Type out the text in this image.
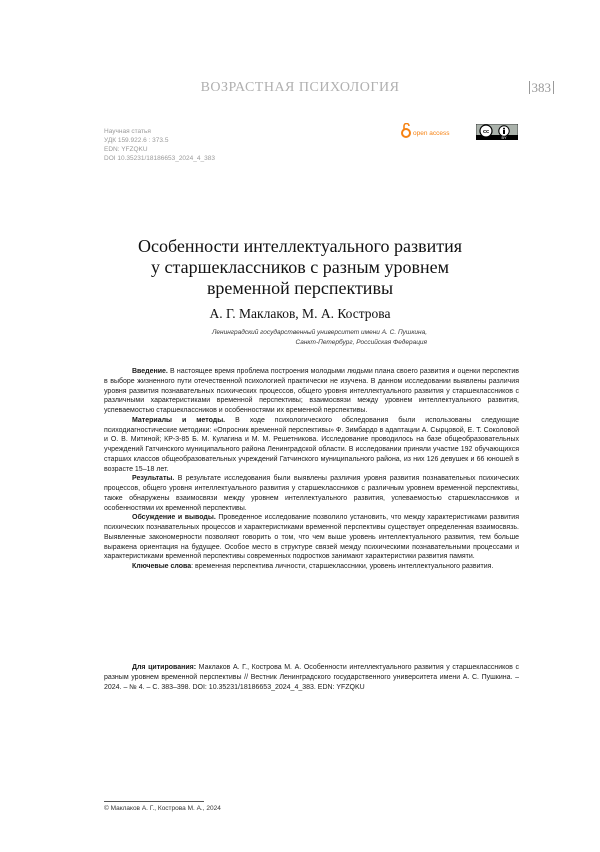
ВОЗРАСТНАЯ ПСИХОЛОГИЯ	383
Научная статья
УДК 159.922.6 : 373.5
EDN: YFZQKU
DOI 10.35231/18186653_2024_4_383
open access	cc
BY
Особенности интеллектуального развития
у старшеклассников с разным уровнем
временной перспективы
А. Г. Маклаков, М. А. Кострова
Ленинградский государственный университет имени А. С. Пушкина,
Санкт-Петербург, Российская Федерация

Введение. В настоящее время проблема построения молодыми людьми плана своего развития и оценки перспектив в выборе жизненного пути отечественной психологией практически не изучена. В данном исследовании выявлены различия уровня развития познавательных психических процессов, общего уровня интеллектуального развития у старшеклассников с различными характеристиками временной перспективы; взаимосвязи между уровнем интеллектуального развития, успеваемостью старшеклассников и особенностями их временной перспективы.

Материалы и методы. В ходе психологического обследования были использованы следующие психодиагностические методики: «Опросник временной перспективы» Ф. Зимбардо в адаптации А. Сырцовой, Е. Т. Соколовой и О. В. Митиной; КР-3-85 Б. М. Кулагина и М. М. Решетникова. Исследование проводилось на базе общеобразовательных учреждений Гатчинского муниципального района Ленинградской области. В исследовании приняли участие 192 обучающихся старших классов общеобразовательных учреждений Гатчинского муниципального района, из них 126 девушек и 66 юношей в возрасте 15–18 лет.

Результаты. В результате исследования были выявлены различия уровня развития познавательных психических процессов, общего уровня интеллектуального развития у старшеклассников с различным уровнем временной перспективы, также обнаружены взаимосвязи между уровнем интеллектуального развития, успеваемостью старшеклассников и особенностями их временной перспективы.

Обсуждение и выводы. Проведенное исследование позволило установить, что между характеристиками развития психических познавательных процессов и характеристиками временной перспективы существует определенная взаимосвязь. Выявленные закономерности позволяют говорить о том, что чем выше уровень интеллектуального развития, тем больше выражена ориентация на будущее. Особое место в структуре связей между психическими познавательными процессами и характеристиками временной перспективы современных подростков занимают характеристики развития памяти.

Ключевые слова: временная перспектива личности, старшеклассники, уровень интеллектуального развития.

Для цитирования: Маклаков А. Г., Кострова М. А. Особенности интеллектуального развития у старшеклассников с разным уровнем временной перспективы // Вестник Ленинградского государственного университета имени А. С. Пушкина. – 2024. – № 4. – С. 383–398. DOI: 10.35231/18186653_2024_4_383. EDN: YFZQKU

© Маклаков А. Г., Кострова М. А., 2024
